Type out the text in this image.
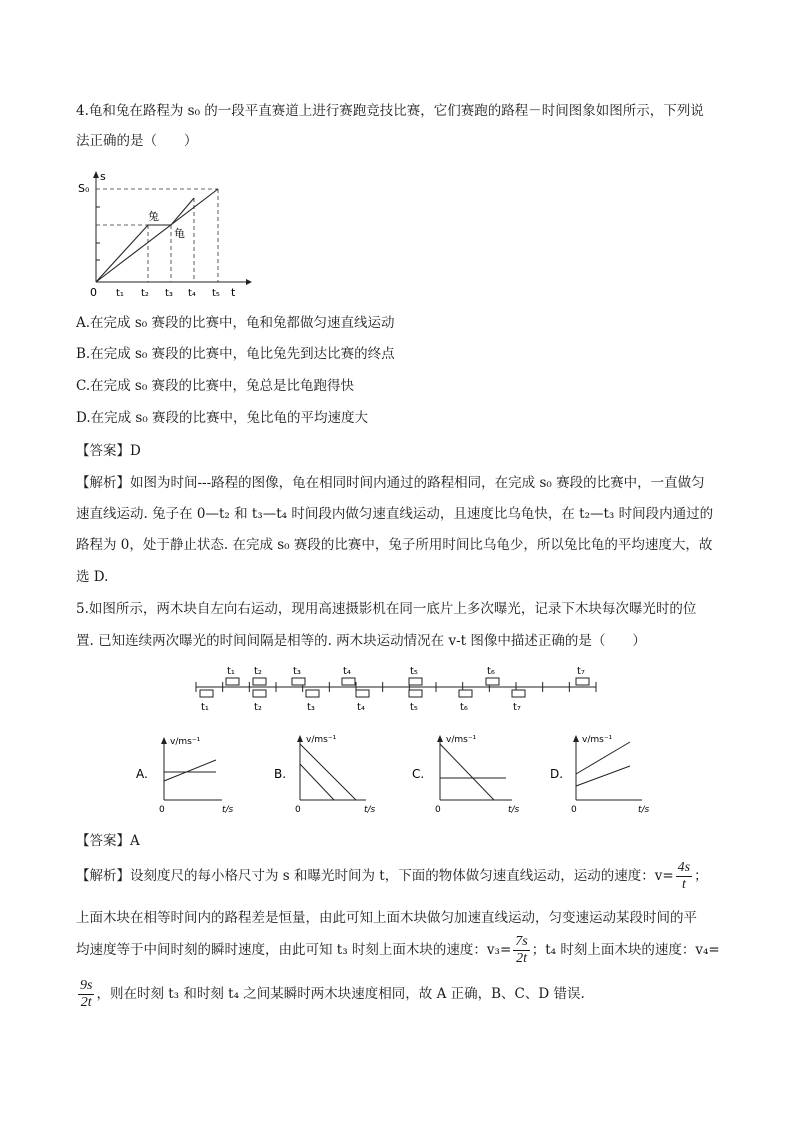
4.龟和兔在路程为 s₀ 的一段平直赛道上进行赛跑竞技比赛，它们赛跑的路程－时间图象如图所示，下列说
法正确的是（　　）
s
S₀
兔
龟
0	t
t₁ t₂ t₃ t₄ t₅
A.在完成 s₀ 赛段的比赛中，龟和兔都做匀速直线运动
B.在完成 s₀ 赛段的比赛中，龟比兔先到达比赛的终点
C.在完成 s₀ 赛段的比赛中，兔总是比龟跑得快
D.在完成 s₀ 赛段的比赛中，兔比龟的平均速度大
【答案】D
【解析】如图为时间---路程的图像，龟在相同时间内通过的路程相同，在完成 s₀ 赛段的比赛中，一直做匀
速直线运动. 兔子在 0—t₂ 和 t₃—t₄ 时间段内做匀速直线运动，且速度比乌龟快，在 t₂—t₃ 时间段内通过的
路程为 0，处于静止状态. 在完成 s₀ 赛段的比赛中，兔子所用时间比乌龟少，所以兔比龟的平均速度大，故
选 D.
5.如图所示，两木块自左向右运动，现用高速摄影机在同一底片上多次曝光，记录下木块每次曝光时的位
置. 已知连续两次曝光的时间间隔是相等的. 两木块运动情况在 v-t 图像中描述正确的是（　　）
t₁ t₂	t₃	t₄	t₅	t₆	t₇
t₁	t₂	t₃	t₄	t₅	t₆	t₇
A.
v/ms⁻¹
0	t/s
B.
v/ms⁻¹
0	t/s
C.
v/ms⁻¹
0	t/s
D.
v/ms⁻¹
0	t/s
【答案】A
【解析】设刻度尺的每小格尺寸为 s 和曝光时间为 t，下面的物体做匀速直线运动，运动的速度：$v= \frac{4s}{t}$ ；
上面木块在相等时间内的路程差是恒量，由此可知上面木块做匀加速直线运动，匀变速运动某段时间的平
均速度等于中间时刻的瞬时速度，由此可知 t₃ 时刻上面木块的速度：$v_3= \frac{7s}{2t}$ ；t₄ 时刻上面木块的速度：v₄=
$\frac{9s}{2t}$ ，则在时刻 t₃ 和时刻 t₄ 之间某瞬时两木块速度相同，故 A 正确，B、C、D 错误.
